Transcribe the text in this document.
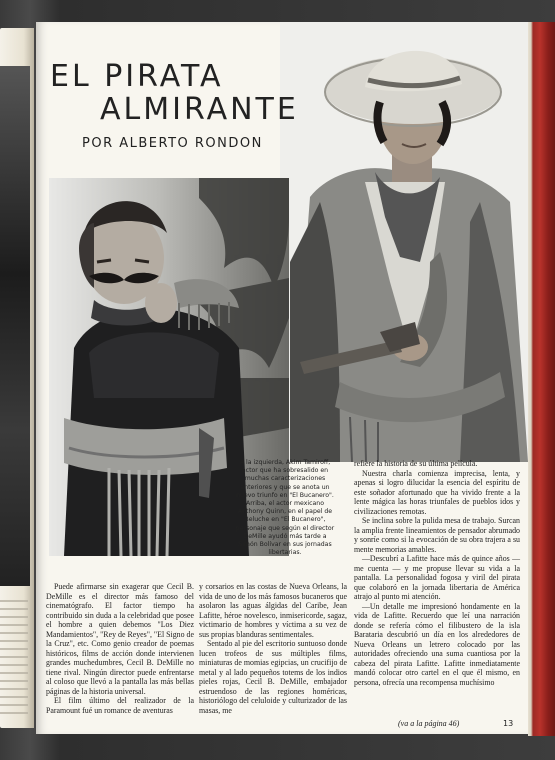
EL PIRATA
ALMIRANTE

POR ALBERTO RONDON

A la izquierda, Akim Tamiroff, actor que ha sobresalido en muchas caracterizaciones anteriores y que se anota un nuevo triunfo en "El Bucanero". Arriba, el actor mexicano Anthony Quinn, en el papel de Beluche en "El Bucanero", personaje que según el director DeMille ayudó más tarde a Simón Bolívar en sus jornadas libertarias.

refiere la historia de su última película.

Nuestra charla comienza imprecisa, lenta, y apenas si logro dilucidar la esencia del espíritu de este soñador afortunado que ha vivido frente a la lente mágica las horas triunfales de pueblos idos y civilizaciones remotas.

Se inclina sobre la pulida mesa de trabajo. Surcan la amplia frente lineamientos de pensador abrumado y sonríe como si la evocación de su obra trajera a su mente memorias amables.

—Descubrí a Lafitte hace más de quince años — me cuenta — y me propuse llevar su vida a la pantalla. La personalidad fogosa y viril del pirata que colaboró en la jornada libertaria de América atrajo al punto mi atención.

—Un detalle me impresionó hondamente en la vida de Lafitte. Recuerdo que leí una narración donde se refería cómo el filibustero de la isla Barataria descubrió un día en los alrededores de Nueva Orleans un letrero colocado por las autoridades ofreciendo una suma cuantiosa por la cabeza del pirata Lafitte. Lafitte inmediatamente mandó colocar otro cartel en el que él mismo, en persona, ofrecía una recompensa muchísimo

Puede afirmarse sin exagerar que Cecil B. DeMille es el director más famoso del cinematógrafo. El factor tiempo ha contribuido sin duda a la celebridad que posee el hombre a quien debemos "Los Diez Mandamientos", "Rey de Reyes", "El Signo de la Cruz", etc. Como genio creador de poemas históricos, films de acción donde intervienen grandes muchedumbres, Cecil B. DeMille no tiene rival. Ningún director puede enfrentarse al coloso que llevó a la pantalla las más bellas páginas de la historia universal.

El film último del realizador de la Paramount fué un romance de aventuras

y corsarios en las costas de Nueva Orleans, la vida de uno de los más famosos bucaneros que asolaron las aguas álgidas del Caribe, Jean Lafitte, héroe novelesco, inmisericorde, sagaz, victimario de hombres y víctima a su vez de sus propias blanduras sentimentales.

Sentado al pie del escritorio suntuoso donde lucen trofeos de sus múltiples films, miniaturas de momias egipcias, un crucifijo de metal y al lado pequeños totems de los indios pieles rojas, Cecil B. DeMille, embajador estruendoso de las regiones homéricas, historiólogo del celuloide y culturizador de las masas, me

(va a la página 46)	13
